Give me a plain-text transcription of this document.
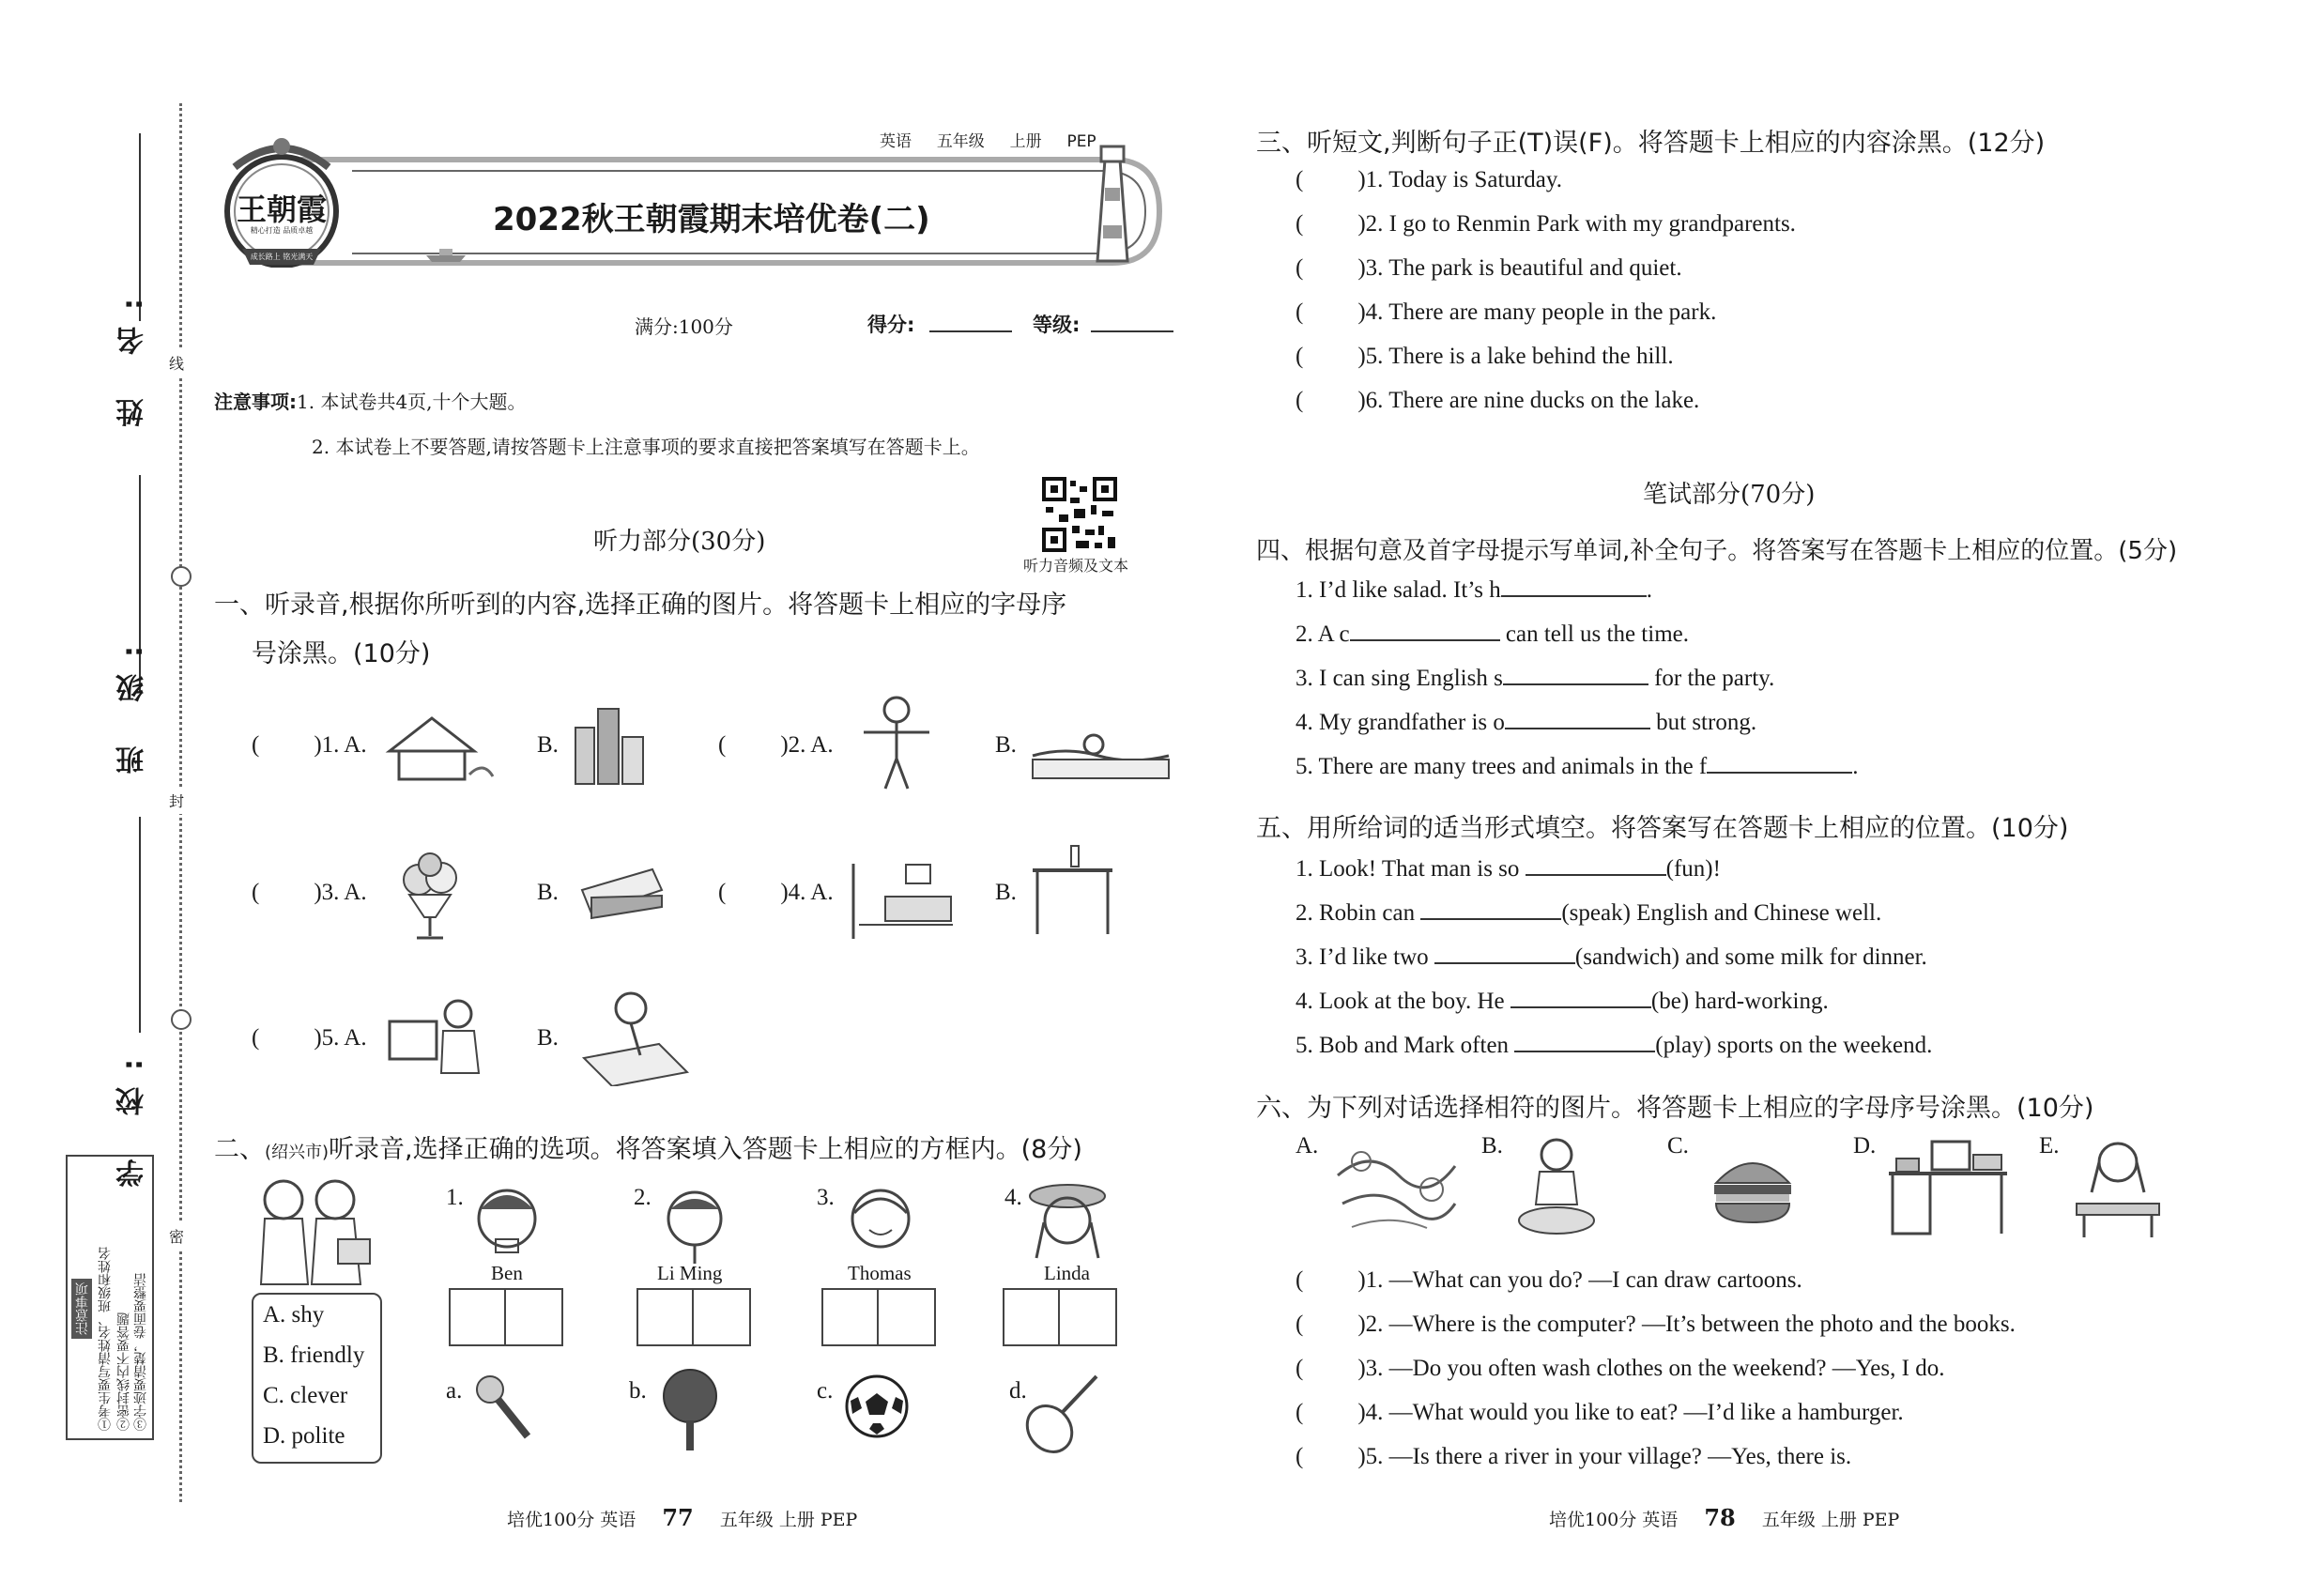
线
封
密
姓 名:
班 级:
学 校:
注意事项 ①考生要写清姓名、班级和姓名 ②密封线内不要答题 ③字迹要清楚，卷面要整洁
王朝霞
精心打造 品质卓越
成长路上 铭光满天
英语 五年级 上册 PEP
2022秋王朝霞期末培优卷(二)
满分:100分	得分:	等级:
注意事项:1. 本试卷共4页,十个大题。
2. 本试卷上不要答题,请按答题卡上注意事项的要求直接把答案填写在答题卡上。
听力部分(30分)
听力音频及文本
一、听录音,根据你所听到的内容,选择正确的图片。将答题卡上相应的字母序
号涂黑。(10分)
( )1. A.	B.	( )2. A.	B.
( )3. A.	B.	( )4. A.	B.
( )5. A.	B.
二、(绍兴市)听录音,选择正确的选项。将答案填入答题卡上相应的方框内。(8分)
A. shy
B. friendly
C. clever
D. polite
1.
Ben
2.
Li Ming
3.
Thomas
4.
Linda
a.	b.	c.	d.
培优100分 英语 77 五年级 上册 PEP
三、听短文,判断句子正(T)误(F)。将答题卡上相应的内容涂黑。(12分)
( )1. Today is Saturday.
( )2. I go to Renmin Park with my grandparents.
( )3. The park is beautiful and quiet.
( )4. There are many people in the park.
( )5. There is a lake behind the hill.
( )6. There are nine ducks on the lake.
笔试部分(70分)
四、根据句意及首字母提示写单词,补全句子。将答案写在答题卡上相应的位置。(5分)
1. I’d like salad. It’s h	.
2. A c	can tell us the time.
3. I can sing English s	for the party.
4. My grandfather is o	but strong.
5. There are many trees and animals in the f	.
五、用所给词的适当形式填空。将答案写在答题卡上相应的位置。(10分)
1. Look! That man is so	(fun)!
2. Robin can	(speak) English and Chinese well.
3. I’d like two	(sandwich) and some milk for dinner.
4. Look at the boy. He	(be) hard-working.
5. Bob and Mark often	(play) sports on the weekend.
六、为下列对话选择相符的图片。将答题卡上相应的字母序号涂黑。(10分)
A.	B.	C.	D.	E.
( )1. —What can you do? —I can draw cartoons.
( )2. —Where is the computer? —It’s between the photo and the books.
( )3. —Do you often wash clothes on the weekend? —Yes, I do.
( )4. —What would you like to eat? —I’d like a hamburger.
( )5. —Is there a river in your village? —Yes, there is.
培优100分 英语 78 五年级 上册 PEP
